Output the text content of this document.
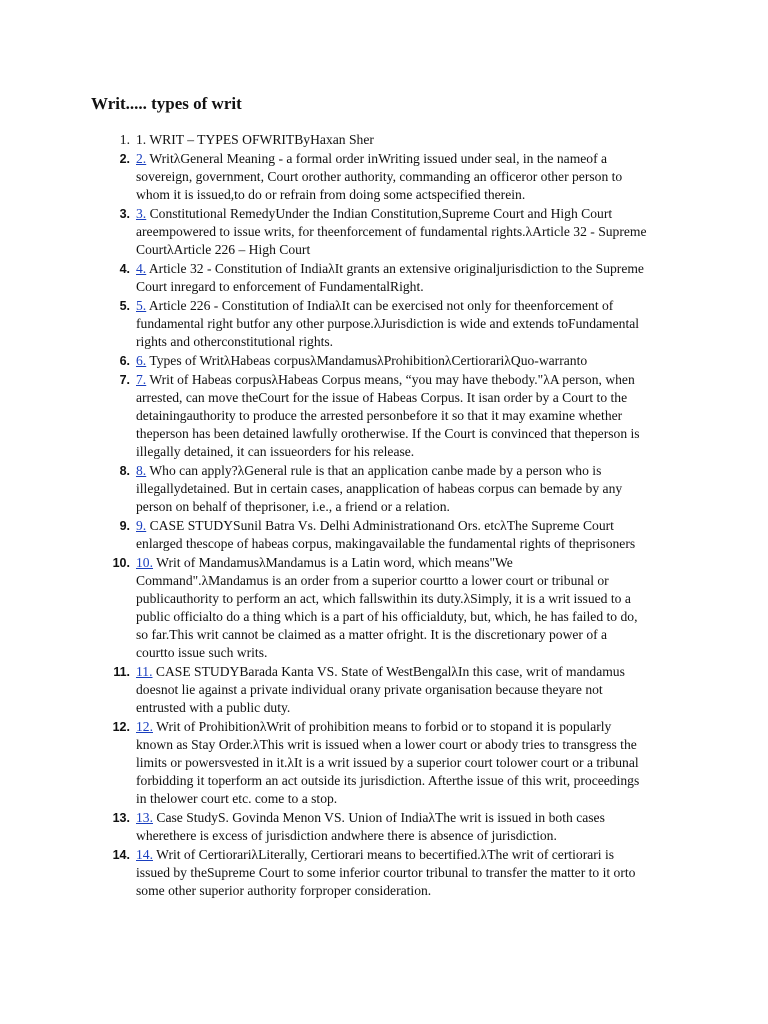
Writ..... types of writ
1. 1. WRIT – TYPES OFWRITByHaxan Sher
2. 2. WritλGeneral Meaning - a formal order inWriting issued under seal, in the nameof a sovereign, government, Court orother authority, commanding an officeror other person to whom it is issued,to do or refrain from doing some actspecified therein.
3. 3. Constitutional RemedyUnder the Indian Constitution,Supreme Court and High Court areempowered to issue writs, for theenforcement of fundamental rights.λArticle 32 - Supreme CourtλArticle 226 – High Court
4. 4. Article 32 - Constitution of IndiaλIt grants an extensive originaljurisdiction to the Supreme Court inregard to enforcement of FundamentalRight.
5. 5. Article 226 - Constitution of IndiaλIt can be exercised not only for theenforcement of fundamental right butfor any other purpose.λJurisdiction is wide and extends toFundamental rights and otherconstitutional rights.
6. 6. Types of WritλHabeas corpusλMandamusλProhibitionλCertiorariλQuo-warranto
7. 7. Writ of Habeas corpusλHabeas Corpus means, “you may have thebody."λA person, when arrested, can move theCourt for the issue of Habeas Corpus. It isan order by a Court to the detainingauthority to produce the arrested personbefore it so that it may examine whether theperson has been detained lawfully orotherwise. If the Court is convinced that theperson is illegally detained, it can issueorders for his release.
8. 8. Who can apply?λGeneral rule is that an application canbe made by a person who is illegallydetained. But in certain cases, anapplication of habeas corpus can bemade by any person on behalf of theprisoner, i.e., a friend or a relation.
9. 9. CASE STUDYSunil Batra Vs. Delhi Administrationand Ors. etcλThe Supreme Court enlarged thescope of habeas corpus, makingavailable the fundamental rights of theprisoners
10. 10. Writ of MandamusλMandamus is a Latin word, which means"We Command".λMandamus is an order from a superior courtto a lower court or tribunal or publicauthority to perform an act, which fallswithin its duty.λSimply, it is a writ issued to a public officialto do a thing which is a part of his officialduty, but, which, he has failed to do, so far.This writ cannot be claimed as a matter ofright. It is the discretionary power of a courtto issue such writs.
11. 11. CASE STUDYBarada Kanta VS. State of WestBengalλIn this case, writ of mandamus doesnot lie against a private individual orany private organisation because theyare not entrusted with a public duty.
12. 12. Writ of ProhibitionλWrit of prohibition means to forbid or to stopand it is popularly known as Stay Order.λThis writ is issued when a lower court or abody tries to transgress the limits or powersvested in it.λIt is a writ issued by a superior court tolower court or a tribunal forbidding it toperform an act outside its jurisdiction. Afterthe issue of this writ, proceedings in thelower court etc. come to a stop.
13. 13. Case StudyS. Govinda Menon VS. Union of IndiaλThe writ is issued in both cases wherethere is excess of jurisdiction andwhere there is absence of jurisdiction.
14. 14. Writ of CertiorariλLiterally, Certiorari means to becertified.λThe writ of certiorari is issued by theSupreme Court to some inferior courtor tribunal to transfer the matter to it orto some other superior authority forproper consideration.
